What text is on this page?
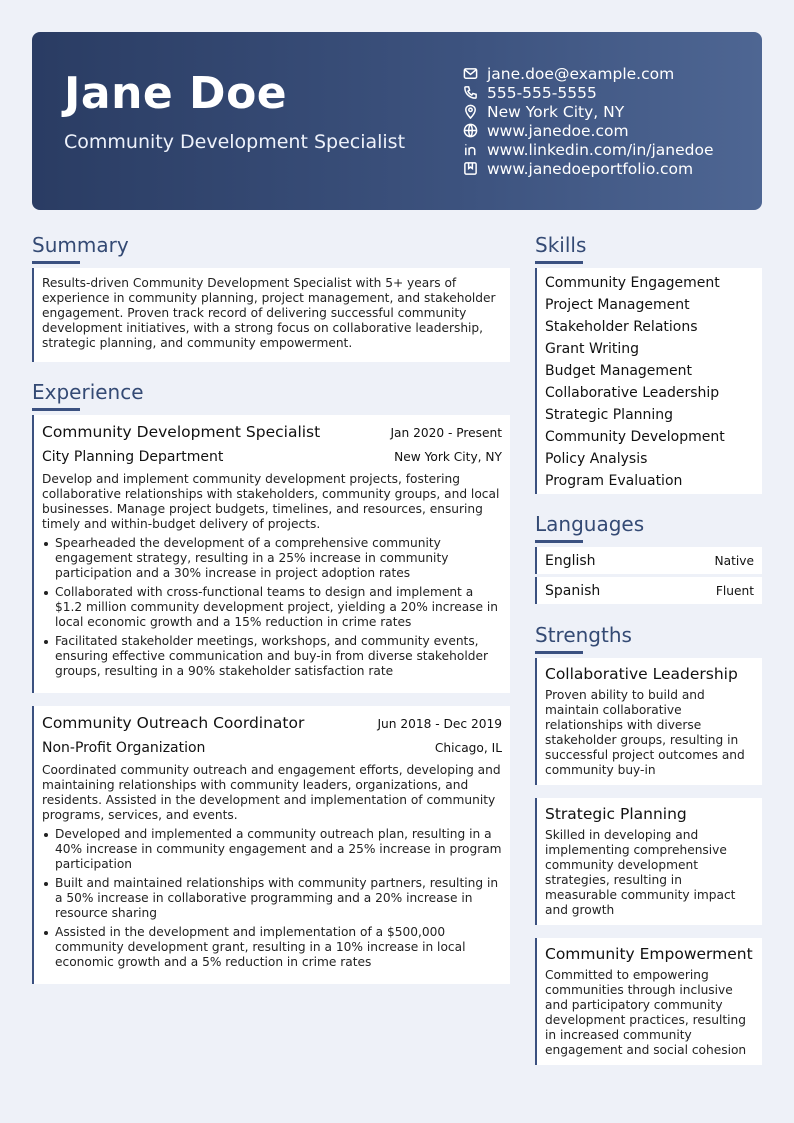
Jane Doe
Community Development Specialist
jane.doe@example.com
555-555-5555
New York City, NY
www.janedoe.com
www.linkedin.com/in/janedoe
www.janedoeportfolio.com
Summary
Results-driven Community Development Specialist with 5+ years of experience in community planning, project management, and stakeholder engagement. Proven track record of delivering successful community development initiatives, with a strong focus on collaborative leadership, strategic planning, and community empowerment.
Experience
Community Development Specialist	Jan 2020 - Present
City Planning Department	New York City, NY
Develop and implement community development projects, fostering collaborative relationships with stakeholders, community groups, and local businesses. Manage project budgets, timelines, and resources, ensuring timely and within-budget delivery of projects.
Spearheaded the development of a comprehensive community engagement strategy, resulting in a 25% increase in community participation and a 30% increase in project adoption rates
Collaborated with cross-functional teams to design and implement a $1.2 million community development project, yielding a 20% increase in local economic growth and a 15% reduction in crime rates
Facilitated stakeholder meetings, workshops, and community events, ensuring effective communication and buy-in from diverse stakeholder groups, resulting in a 90% stakeholder satisfaction rate
Community Outreach Coordinator	Jun 2018 - Dec 2019
Non-Profit Organization	Chicago, IL
Coordinated community outreach and engagement efforts, developing and maintaining relationships with community leaders, organizations, and residents. Assisted in the development and implementation of community programs, services, and events.
Developed and implemented a community outreach plan, resulting in a 40% increase in community engagement and a 25% increase in program participation
Built and maintained relationships with community partners, resulting in a 50% increase in collaborative programming and a 20% increase in resource sharing
Assisted in the development and implementation of a $500,000 community development grant, resulting in a 10% increase in local economic growth and a 5% reduction in crime rates
Skills
Community Engagement
Project Management
Stakeholder Relations
Grant Writing
Budget Management
Collaborative Leadership
Strategic Planning
Community Development
Policy Analysis
Program Evaluation
Languages
English	Native
Spanish	Fluent
Strengths
Collaborative Leadership
Proven ability to build and maintain collaborative relationships with diverse stakeholder groups, resulting in successful project outcomes and community buy-in
Strategic Planning
Skilled in developing and implementing comprehensive community development strategies, resulting in measurable community impact and growth
Community Empowerment
Committed to empowering communities through inclusive and participatory community development practices, resulting in increased community engagement and social cohesion
